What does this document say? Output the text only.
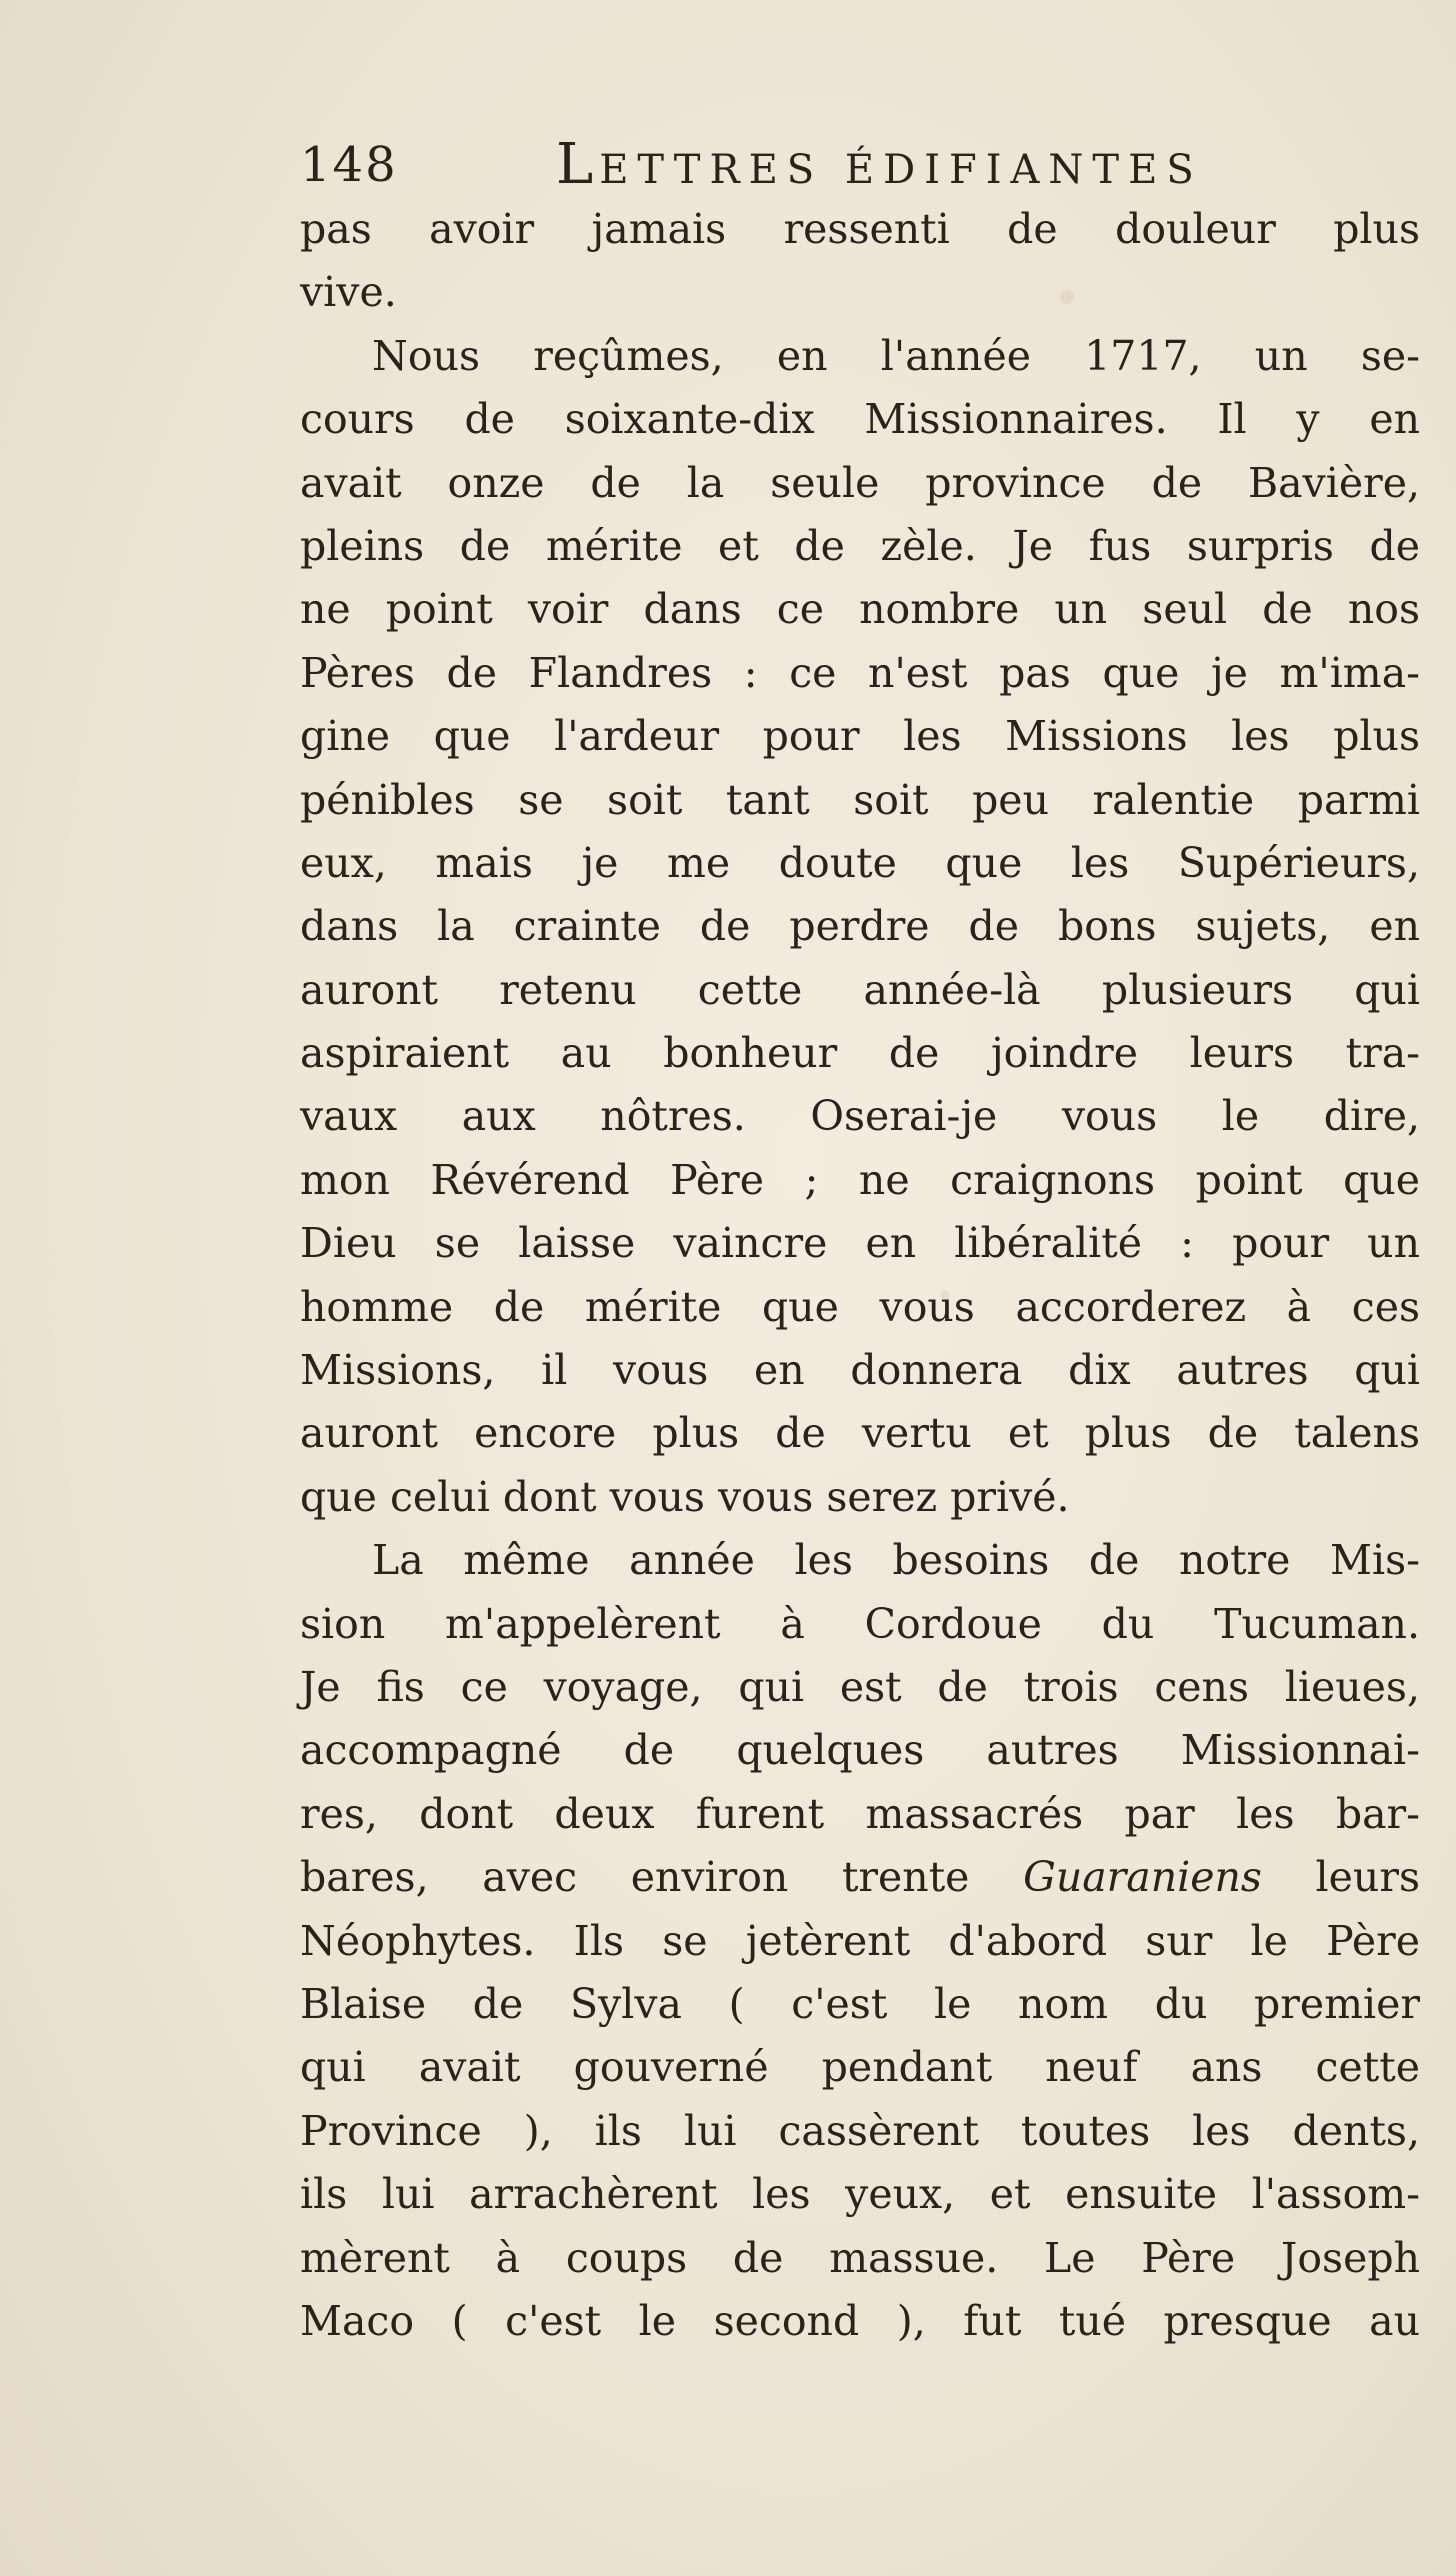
148	LETTRES ÉDIFIANTES
pas avoir jamais ressenti de douleur plus
vive.
Nous reçûmes, en l'année 1717, un se-
cours de soixante-dix Missionnaires. Il y en
avait onze de la seule province de Bavière,
pleins de mérite et de zèle. Je fus surpris de
ne point voir dans ce nombre un seul de nos
Pères de Flandres : ce n'est pas que je m'ima-
gine que l'ardeur pour les Missions les plus
pénibles se soit tant soit peu ralentie parmi
eux, mais je me doute que les Supérieurs,
dans la crainte de perdre de bons sujets, en
auront retenu cette année-là plusieurs qui
aspiraient au bonheur de joindre leurs tra-
vaux aux nôtres. Oserai-je vous le dire,
mon Révérend Père ; ne craignons point que
Dieu se laisse vaincre en libéralité : pour un
homme de mérite que vous accorderez à ces
Missions, il vous en donnera dix autres qui
auront encore plus de vertu et plus de talens
que celui dont vous vous serez privé.
La même année les besoins de notre Mis-
sion m'appelèrent à Cordoue du Tucuman.
Je fis ce voyage, qui est de trois cens lieues,
accompagné de quelques autres Missionnai-
res, dont deux furent massacrés par les bar-
bares, avec environ trente Guaraniens leurs
Néophytes. Ils se jetèrent d'abord sur le Père
Blaise de Sylva ( c'est le nom du premier
qui avait gouverné pendant neuf ans cette
Province ), ils lui cassèrent toutes les dents,
ils lui arrachèrent les yeux, et ensuite l'assom-
mèrent à coups de massue. Le Père Joseph
Maco ( c'est le second ), fut tué presque au
